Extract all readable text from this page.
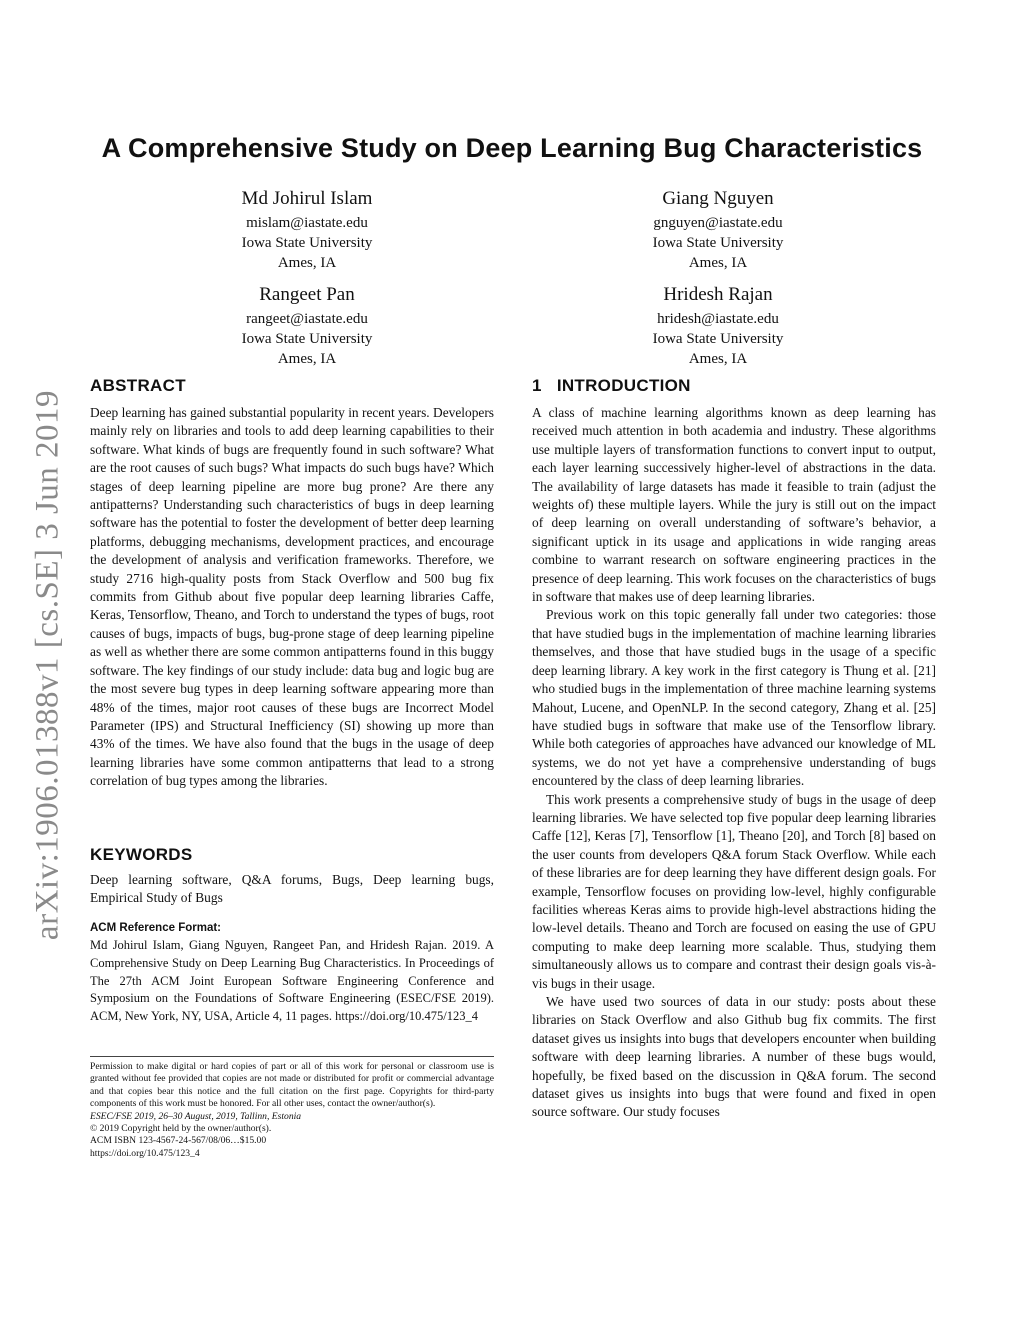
arXiv:1906.01388v1 [cs.SE] 3 Jun 2019
A Comprehensive Study on Deep Learning Bug Characteristics
Md Johirul Islam
mislam@iastate.edu
Iowa State University
Ames, IA
Giang Nguyen
gnguyen@iastate.edu
Iowa State University
Ames, IA
Rangeet Pan
rangeet@iastate.edu
Iowa State University
Ames, IA
Hridesh Rajan
hridesh@iastate.edu
Iowa State University
Ames, IA
ABSTRACT

Deep learning has gained substantial popularity in recent years. Developers mainly rely on libraries and tools to add deep learning capabilities to their software. What kinds of bugs are frequently found in such software? What are the root causes of such bugs? What impacts do such bugs have? Which stages of deep learning pipeline are more bug prone? Are there any antipatterns? Understanding such characteristics of bugs in deep learning software has the potential to foster the development of better deep learning platforms, debugging mechanisms, development practices, and encourage the development of analysis and verification frameworks. Therefore, we study 2716 high-quality posts from Stack Overflow and 500 bug fix commits from Github about five popular deep learning libraries Caffe, Keras, Tensorflow, Theano, and Torch to understand the types of bugs, root causes of bugs, impacts of bugs, bug-prone stage of deep learning pipeline as well as whether there are some common antipatterns found in this buggy software. The key findings of our study include: data bug and logic bug are the most severe bug types in deep learning software appearing more than 48% of the times, major root causes of these bugs are Incorrect Model Parameter (IPS) and Structural Inefficiency (SI) showing up more than 43% of the times. We have also found that the bugs in the usage of deep learning libraries have some common antipatterns that lead to a strong correlation of bug types among the libraries.

KEYWORDS

Deep learning software, Q&A forums, Bugs, Deep learning bugs, Empirical Study of Bugs

ACM Reference Format:

Md Johirul Islam, Giang Nguyen, Rangeet Pan, and Hridesh Rajan. 2019. A Comprehensive Study on Deep Learning Bug Characteristics. In Proceedings of The 27th ACM Joint European Software Engineering Conference and Symposium on the Foundations of Software Engineering (ESEC/FSE 2019). ACM, New York, NY, USA, Article 4, 11 pages. https://doi.org/10.475/123_4

Permission to make digital or hard copies of part or all of this work for personal or classroom use is granted without fee provided that copies are not made or distributed for profit or commercial advantage and that copies bear this notice and the full citation on the first page. Copyrights for third-party components of this work must be honored. For all other uses, contact the owner/author(s).

ESEC/FSE 2019, 26–30 August, 2019, Tallinn, Estonia

© 2019 Copyright held by the owner/author(s).

ACM ISBN 123-4567-24-567/08/06…$15.00

https://doi.org/10.475/123_4

1   INTRODUCTION

A class of machine learning algorithms known as deep learning has received much attention in both academia and industry. These algorithms use multiple layers of transformation functions to convert input to output, each layer learning successively higher-level of abstractions in the data. The availability of large datasets has made it feasible to train (adjust the weights of) these multiple layers. While the jury is still out on the impact of deep learning on overall understanding of software’s behavior, a significant uptick in its usage and applications in wide ranging areas combine to warrant research on software engineering practices in the presence of deep learning. This work focuses on the characteristics of bugs in software that makes use of deep learning libraries.

Previous work on this topic generally fall under two categories: those that have studied bugs in the implementation of machine learning libraries themselves, and those that have studied bugs in the usage of a specific deep learning library. A key work in the first category is Thung et al. [21] who studied bugs in the implementation of three machine learning systems Mahout, Lucene, and OpenNLP. In the second category, Zhang et al. [25] have studied bugs in software that make use of the Tensorflow library. While both categories of approaches have advanced our knowledge of ML systems, we do not yet have a comprehensive understanding of bugs encountered by the class of deep learning libraries.

This work presents a comprehensive study of bugs in the usage of deep learning libraries. We have selected top five popular deep learning libraries Caffe [12], Keras [7], Tensorflow [1], Theano [20], and Torch [8] based on the user counts from developers Q&A forum Stack Overflow. While each of these libraries are for deep learning they have different design goals. For example, Tensorflow focuses on providing low-level, highly configurable facilities whereas Keras aims to provide high-level abstractions hiding the low-level details. Theano and Torch are focused on easing the use of GPU computing to make deep learning more scalable. Thus, studying them simultaneously allows us to compare and contrast their design goals vis-à-vis bugs in their usage.

We have used two sources of data in our study: posts about these libraries on Stack Overflow and also Github bug fix commits. The first dataset gives us insights into bugs that developers encounter when building software with deep learning libraries. A number of these bugs would, hopefully, be fixed based on the discussion in Q&A forum. The second dataset gives us insights into bugs that were found and fixed in open source software. Our study focuses
